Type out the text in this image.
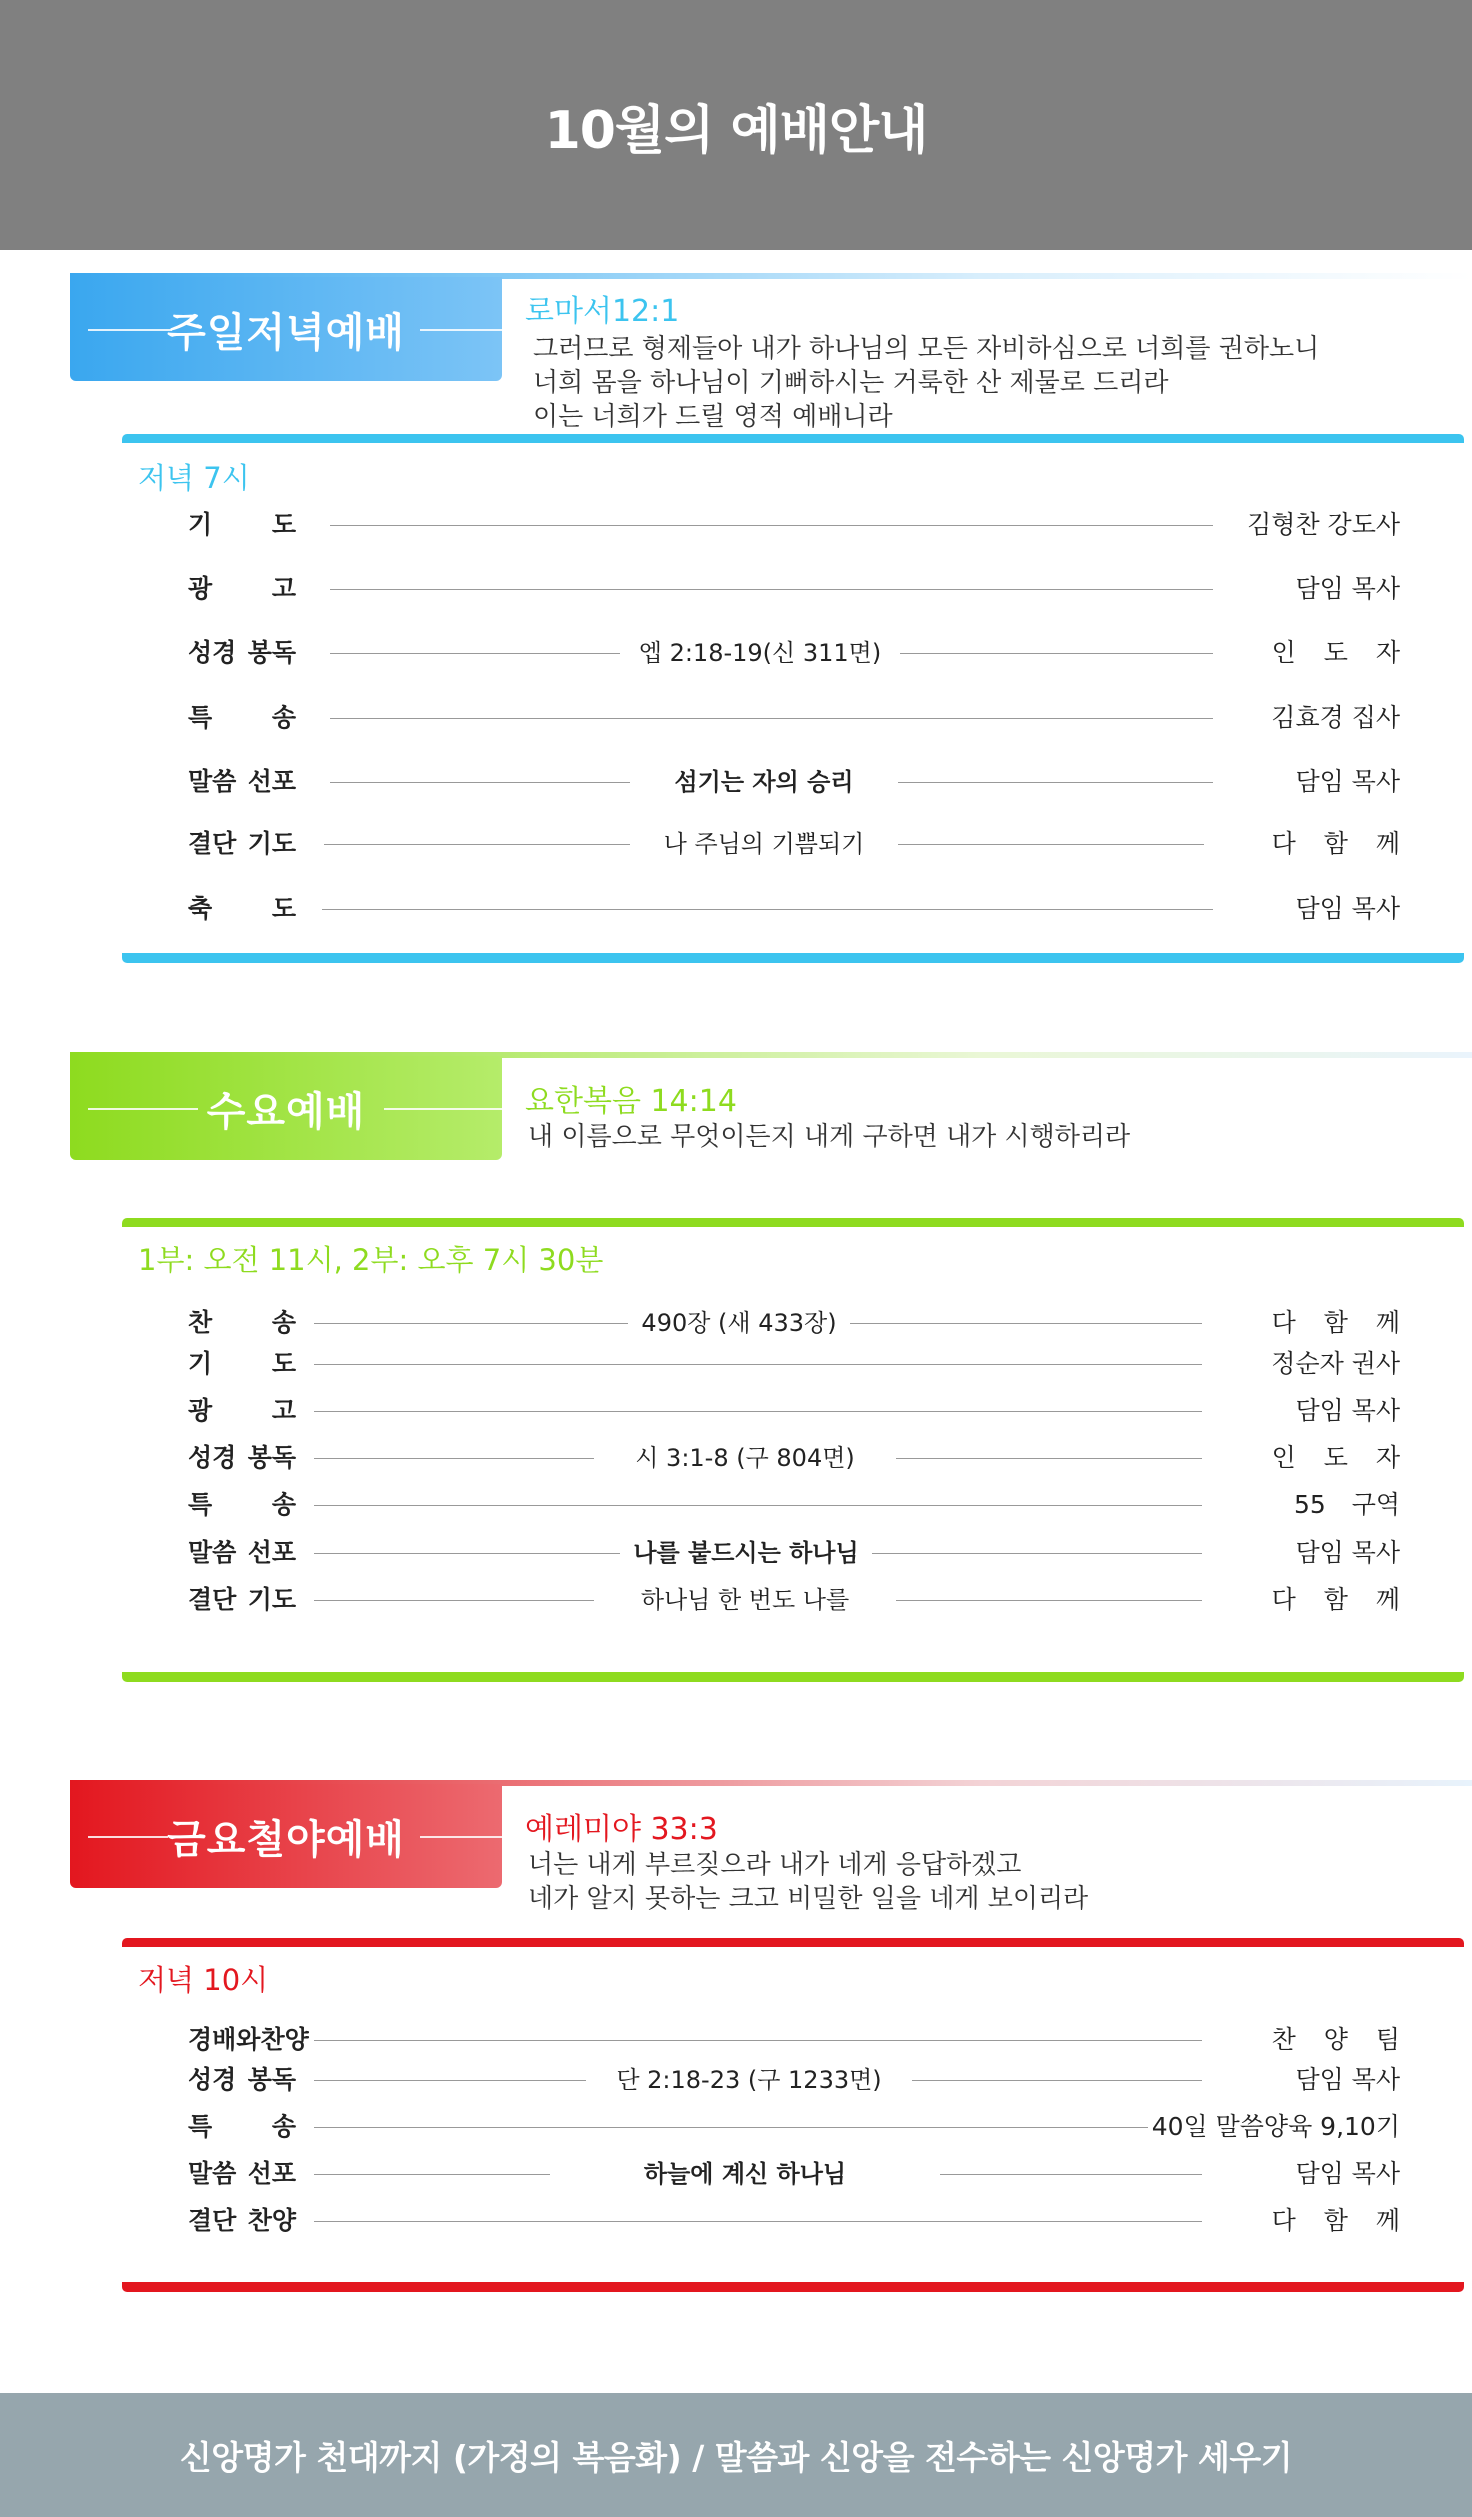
10월의 예배안내
주일저녁예배	로마서12:1
그러므로 형제들아 내가 하나님의 모든 자비하심으로 너희를 권하노니
너희 몸을 하나님이 기뻐하시는 거룩한 산 제물로 드리라
이는 너희가 드릴 영적 예배니라
저녁 7시
기 도	김형찬 강도사
광 고	담임 목사
성경 봉독	엡 2:18-19(신 311면)	인 도 자
특 송	김효경 집사
말씀 선포	섬기는 자의 승리	담임 목사
결단 기도	나 주님의 기쁨되기	다 함 께
축 도	담임 목사
수요예배	요한복음 14:14
내 이름으로 무엇이든지 내게 구하면 내가 시행하리라
1부: 오전 11시, 2부: 오후 7시 30분
찬 송	490장 (새 433장)	다 함 께
기 도	정순자 권사
광 고	담임 목사
성경 봉독	시 3:1-8 (구 804면)	인 도 자
특 송	55 구역
말씀 선포	나를 붙드시는 하나님	담임 목사
결단 기도	하나님 한 번도 나를	다 함 께
금요철야예배	예레미야 33:3
너는 내게 부르짖으라 내가 네게 응답하겠고
네가 알지 못하는 크고 비밀한 일을 네게 보이리라
저녁 10시
경배와찬양	찬 양 팀
성경 봉독	단 2:18-23 (구 1233면)	담임 목사
특 송	40일 말씀양육 9,10기
말씀 선포	하늘에 계신 하나님	담임 목사
결단 찬양	다 함 께

신앙명가 천대까지 (가정의 복음화) / 말씀과 신앙을 전수하는 신앙명가 세우기
